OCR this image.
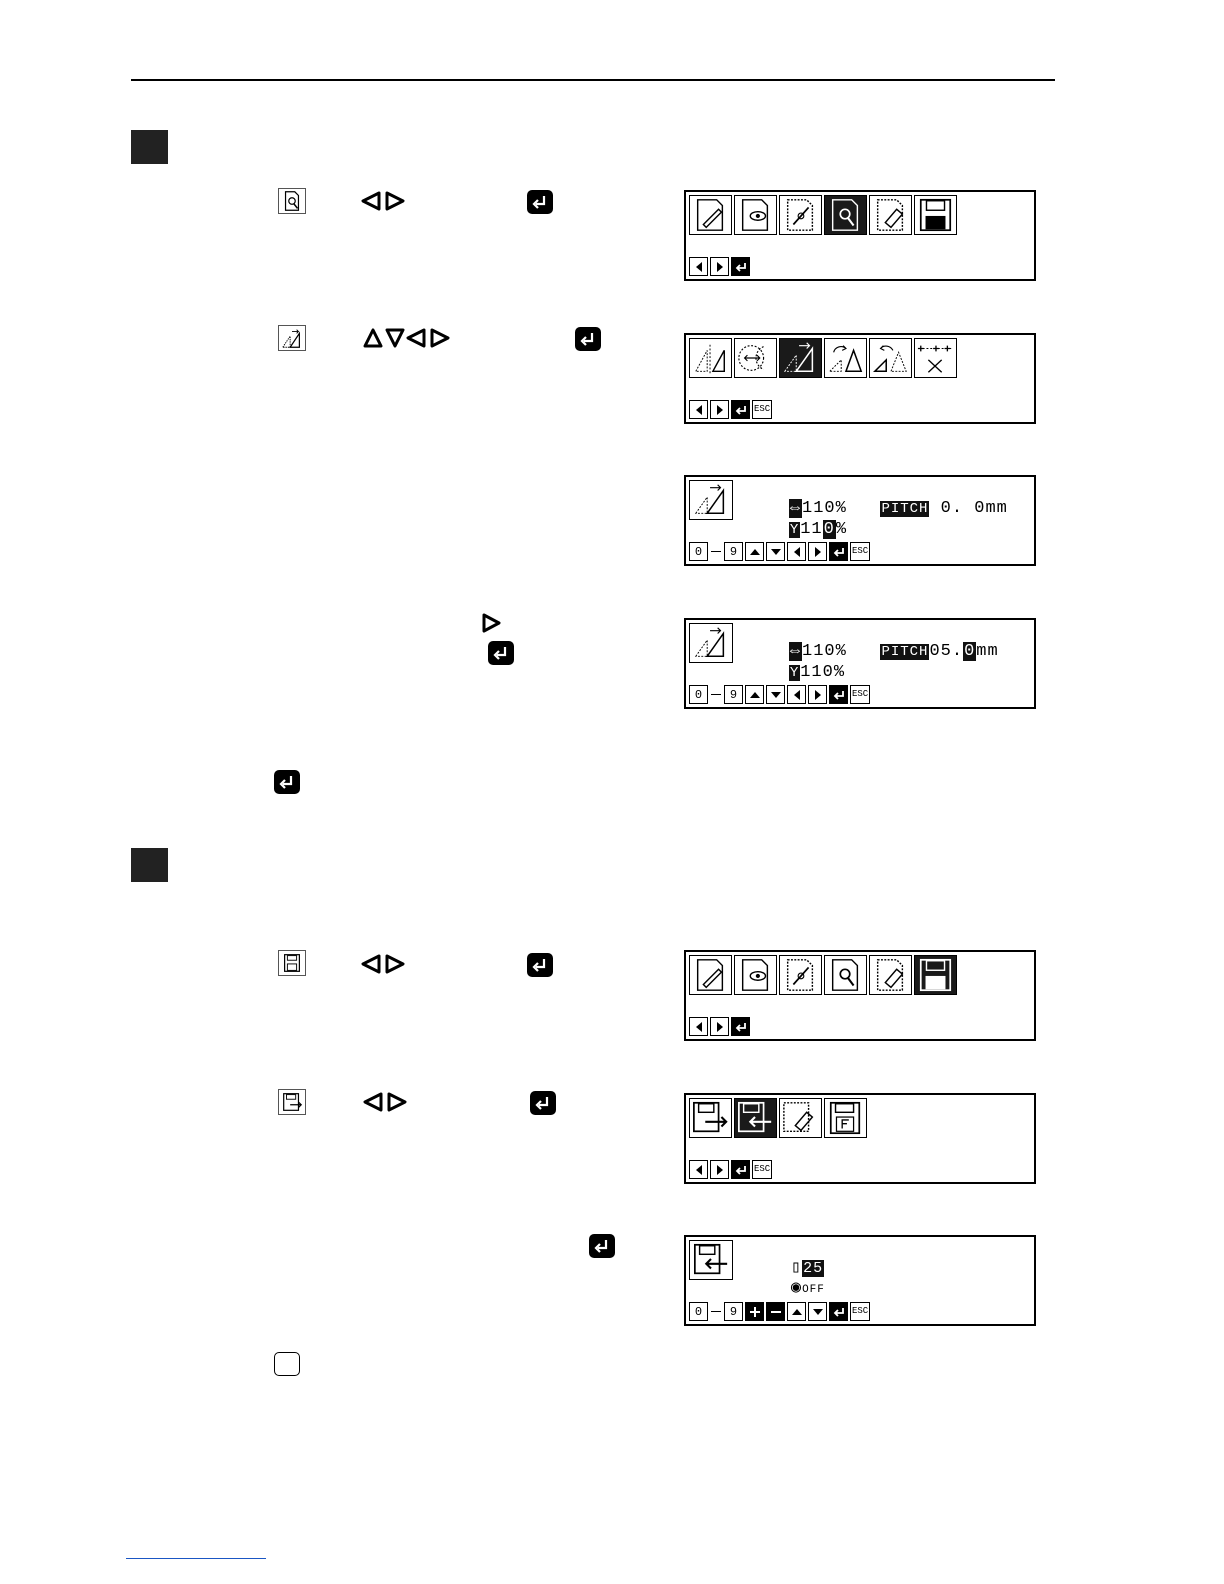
ESC

⇔110% PITCH 0. 0mm

Y110%

0	9	ESC

⇔110% PITCH05.0mm

Y110%

0	9	ESC
ESC

▯25

◉OFF

0	9	ESC
